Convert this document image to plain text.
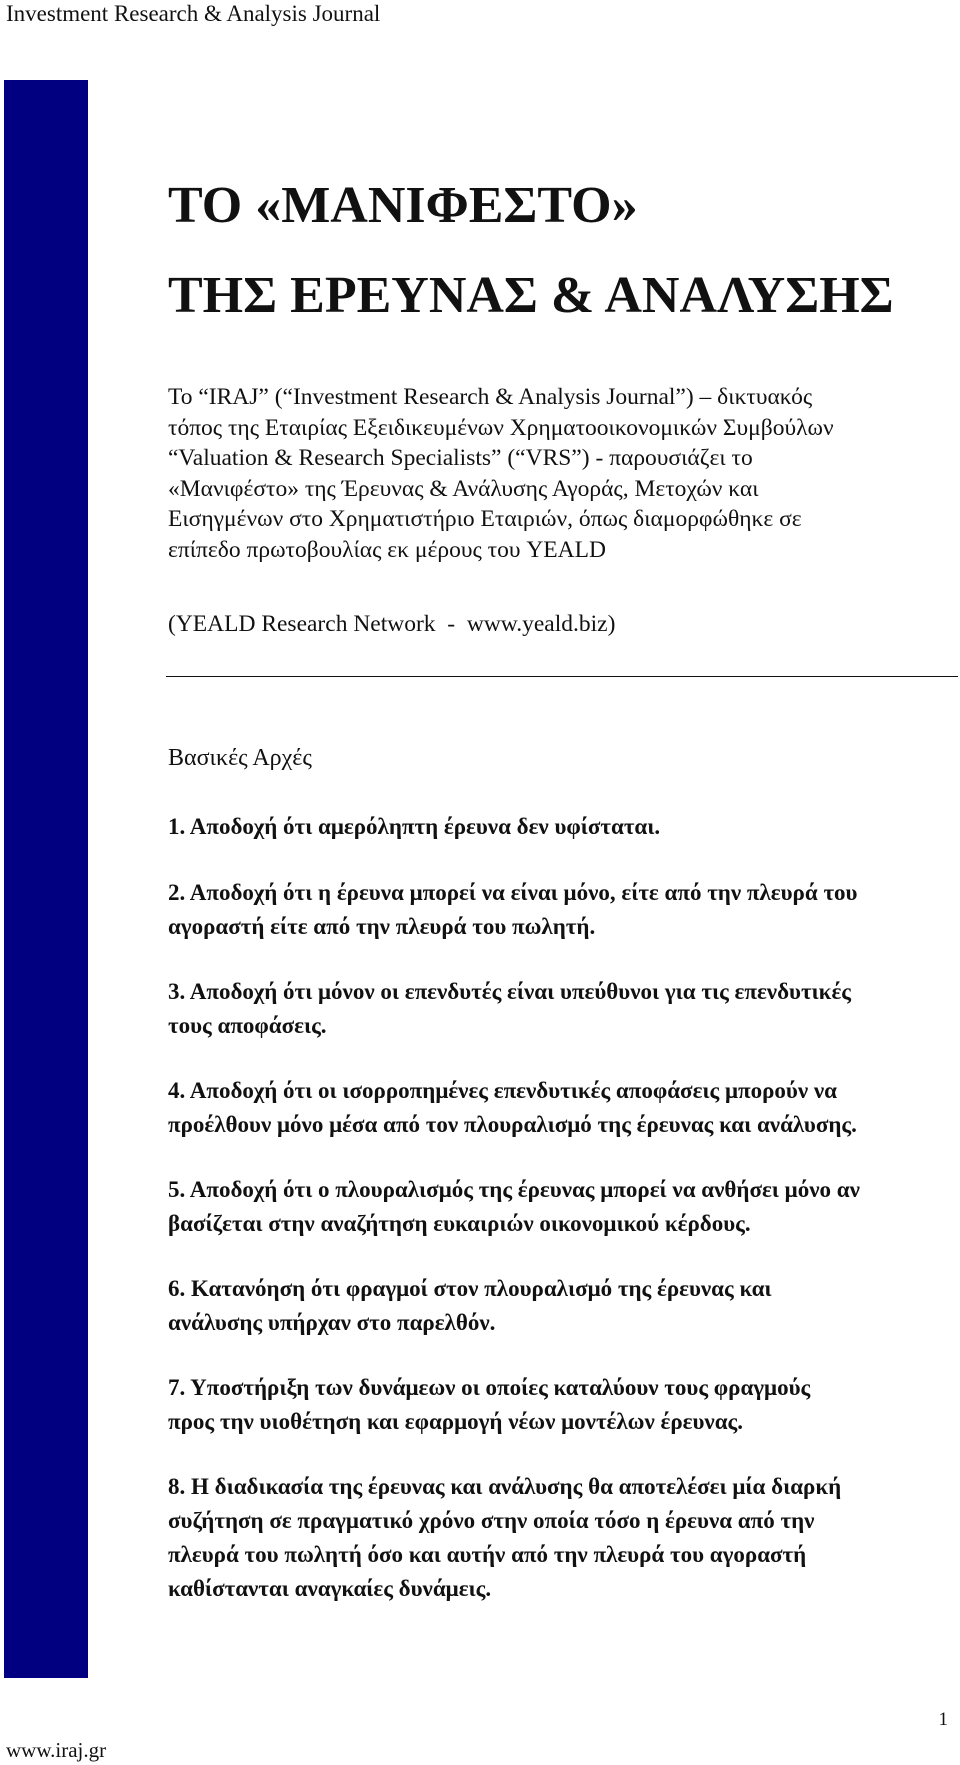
Investment Research & Analysis Journal
ΤΟ «ΜΑΝΙΦΕΣΤΟ»
ΤΗΣ ΕΡΕΥΝΑΣ & ΑΝΑΛΥΣΗΣ
Το “IRAJ” (“Investment Research & Analysis Journal”) – δικτυακός
τόπος της Εταιρίας Εξειδικευμένων Χρηματοοικονομικών Συμβούλων
“Valuation & Research Specialists” (“VRS”) - παρουσιάζει το
«Μανιφέστο» της Έρευνας & Ανάλυσης Αγοράς, Μετοχών και
Εισηγμένων στο Χρηματιστήριο Εταιριών, όπως διαμορφώθηκε σε
επίπεδο πρωτοβουλίας εκ μέρους του YEALD
(YEALD Research Network  -  www.yeald.biz)
Βασικές Αρχές
1. Αποδοχή ότι αμερόληπτη έρευνα δεν υφίσταται.
2. Αποδοχή ότι η έρευνα μπορεί να είναι μόνο, είτε από την πλευρά του
αγοραστή είτε από την πλευρά του πωλητή.
3. Αποδοχή ότι μόνον οι επενδυτές είναι υπεύθυνοι για τις επενδυτικές
τους αποφάσεις.
4. Αποδοχή ότι οι ισορροπημένες επενδυτικές αποφάσεις μπορούν να
προέλθουν μόνο μέσα από τον πλουραλισμό της έρευνας και ανάλυσης.
5. Αποδοχή ότι ο πλουραλισμός της έρευνας μπορεί να ανθήσει μόνο αν
βασίζεται στην αναζήτηση ευκαιριών οικονομικού κέρδους.
6. Κατανόηση ότι φραγμοί στον πλουραλισμό της έρευνας και
ανάλυσης υπήρχαν στο παρελθόν.
7. Υποστήριξη των δυνάμεων οι οποίες καταλύουν τους φραγμούς
προς την υιοθέτηση και εφαρμογή νέων μοντέλων έρευνας.
8. Η διαδικασία της έρευνας και ανάλυσης θα αποτελέσει μία διαρκή
συζήτηση σε πραγματικό χρόνο στην οποία τόσο η έρευνα από την
πλευρά του πωλητή όσο και αυτήν από την πλευρά του αγοραστή
καθίστανται αναγκαίες δυνάμεις.
1
www.iraj.gr
